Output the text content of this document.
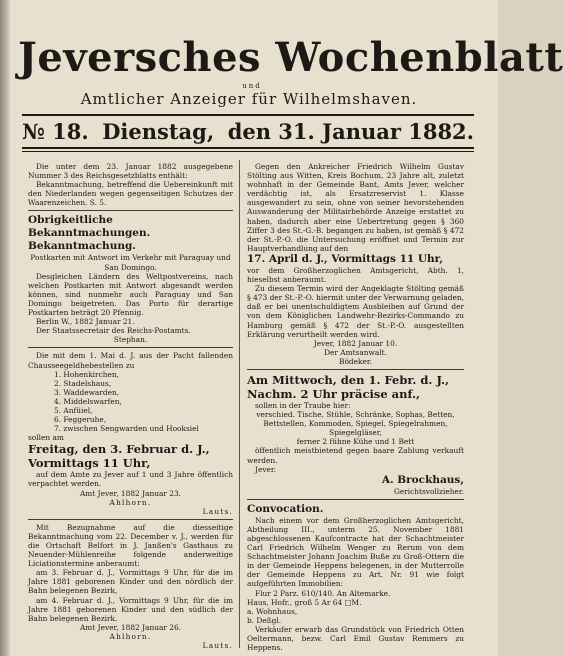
Jeversches Wochenblatt
und
Amtlicher Anzeiger für Wilhelmshaven.
№ 18. Dienstag, den 31. Januar 1882.

Die unter dem 23. Januar 1882 ausgegebene Nummer 3 des Reichsgesetzblatts enthält:

Bekanntmachung, betreffend die Uebereinkunft mit den Niederlanden wegen gegenseitigen Schutzes der Waarenzeichen. S. 5.

Obrigkeitliche Bekanntmachungen.

Bekanntmachung.

Postkarten mit Antwort im Verkehr mit Paraguay und San Domingo.

Desgleichen Ländern des Weltpostvereins, nach welchen Postkarten mit Antwort abgesandt werden können, sind nunmehr auch Paraguay und San Domingo beigetreten. Das Porto für derartige Postkarten beträgt 20 Pfennig.

Berlin W., 1882 Januar 21.

Der Staatssecretair des Reichs-Postamts.

Stephan.

Die mit dem 1. Mai d. J. aus der Pacht fallenden Chausseegeldhebestellen zu

1. Hohenkirchen,

2. Stadelshaus,

3. Waddewarden,

4. Middelswarfen,

5. Anfüiel,

6. Feggeruhe,

7. zwischen Sengwarden und Hooksiel

sollen am

Freitag, den 3. Februar d. J.,

Vormittags 11 Uhr,

auf dem Amte zu Jever auf 1 und 3 Jahre öffentlich verpachtet werden.

Amt Jever, 1882 Januar 23.

Ahlhorn.

Lauts.

Mit Bezugnahme auf die diesseitige Bekanntmachung vom 22. December v. J., werden für die Ortschaft Belfort in J. Janßen's Gasthaus zu Neuender-Mühlenreihe folgende anderweitige Liciationstermine anberaumt:

am 3. Februar d. J., Vormittags 9 Uhr, für die im Jahre 1881 geborenen Kinder und den nördlich der Bahn belegenen Bezirk,

am 4. Februar d. J., Vormittags 9 Uhr, für die im Jahre 1881 geborenen Kinder und den südlich der Bahn belegenen Bezirk.

Amt Jever, 1882 Januar 26.

Ahlhorn.

Lauts.

Gegen den Ankreicher Friedrich Wilhelm Gustav Stölting aus Witten, Kreis Bochum, 23 Jahre alt, zuletzt wohnhaft in der Gemeinde Bant, Amts Jever, welcher verdächtig ist, als Ersatzreservist 1. Klasse ausgewandert zu sein, ohne von seiner bevorstehenden Auswanderung der Militairbehörde Anzeige erstattet zu haben, dadurch aber eine Uebertretung gegen § 360 Ziffer 3 des St.-G.-B. begangen zu haben, ist gemäß § 472 der St.-P.-O. die Untersuchung eröffnet und Termin zur Hauptverhandlung auf den

17. April d. J., Vormittags 11 Uhr,

vor dem Großherzoglichen Amtsgericht, Abth. 1, hieselbst anberaumt.

Zu diesem Termin wird der Angeklagte Stölting gemäß § 473 der St.-P.-O. hiermit unter der Verwarnung geladen, daß er bei unentschuldigtem Ausbleiben auf Grund der von dem Königlichen Landwehr-Bezirks-Commando zu Hamburg gemäß § 472 der St.-P.-O. ausgestellten Erklärung verurtheilt werden wird.

Jever, 1882 Januar 10.

Der Amtsanwalt.

Bödeker.

Am Mittwoch, den 1. Febr. d. J.,

Nachm. 2 Uhr präcise anf.,

sollen in der Traube hier:

verschied. Tische, Stühle, Schränke, Sophas, Betten, Bettstellen, Kommoden, Spiegel, Spiegelrahmen, Spiegelgläser,

ferner 2 fühne Kühe und 1 Bett

öffentlich meistbietend gegen baare Zahlung verkauft werden.

Jever.

A. Brockhaus,

Gerichtsvollzieher.

Convocation.

Nach einem vor dem Großherzoglichen Amtsgericht, Abtheilung III., unterm 25. November 1881 abgeschlossenen Kaufcontracte hat der Schachtmeister Carl Friedrich Wilhelm Wenger zu Rerum von dem Schachtmeister Johann Joachim Buße zu Groß-Ottern die in der Gemeinde Heppens belegenen, in der Mutterrolle der Gemeinde Heppens zu Art. Nr. 91 wie folgt aufgeführten Immobilien:

Flur 2 Parz. 610/140. An Altemarke.

Haus, Hofr., groß 5 Ar 64 □M.

a. Wohnhaus,

b. Deßgl.

Verkäufer erwarb das Grundstück von Friedrich Otten Oeltermann, bezw. Carl Emil Gustav Remmers zu Heppens.
